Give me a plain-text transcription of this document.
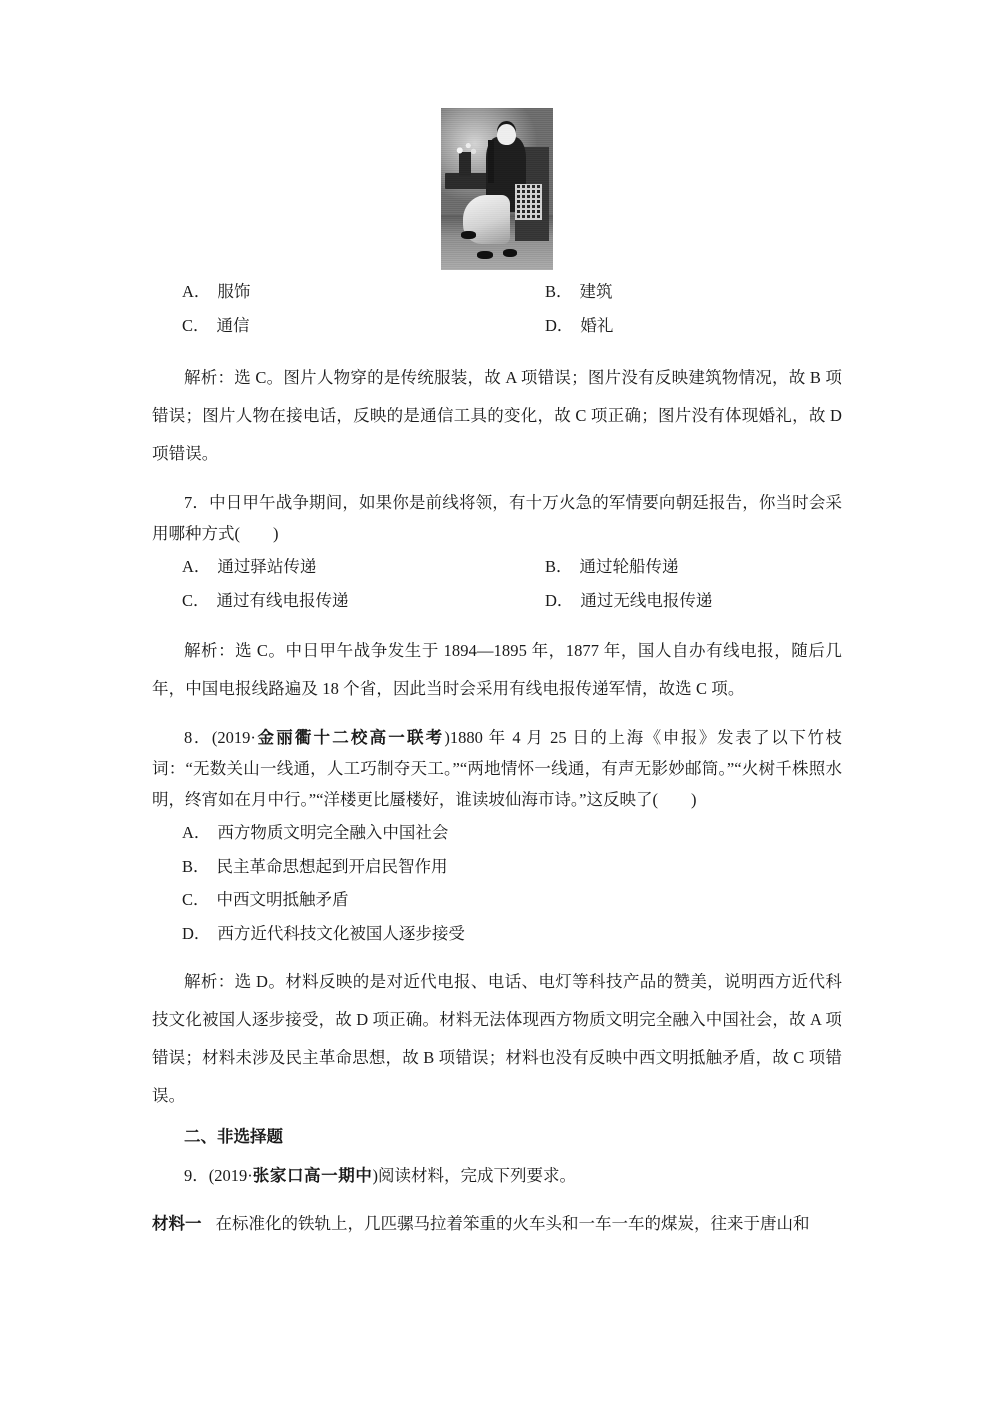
A． 服饰	B． 建筑
C． 通信	D． 婚礼

解析：选 C。图片人物穿的是传统服装，故 A 项错误；图片没有反映建筑物情况，故 B 项错误；图片人物在接电话，反映的是通信工具的变化，故 C 项正确；图片没有体现婚礼，故 D 项错误。

7．中日甲午战争期间，如果你是前线将领，有十万火急的军情要向朝廷报告，你当时会采用哪种方式(　　)

A． 通过驿站传递	B． 通过轮船传递
C． 通过有线电报传递	D． 通过无线电报传递

解析：选 C。中日甲午战争发生于 1894—1895 年，1877 年，国人自办有线电报，随后几年，中国电报线路遍及 18 个省，因此当时会采用有线电报传递军情，故选 C 项。

8．(2019·金丽衢十二校高一联考)1880 年 4 月 25 日的上海《申报》发表了以下竹枝词：“无数关山一线通，人工巧制夺天工。”“两地情怀一线通，有声无影妙邮筒。”“火树千株照水明，终宵如在月中行。”“洋楼更比蜃楼好，谁读坡仙海市诗。”这反映了(　　)

A． 西方物质文明完全融入中国社会
B． 民主革命思想起到开启民智作用
C． 中西文明抵触矛盾
D． 西方近代科技文化被国人逐步接受

解析：选 D。材料反映的是对近代电报、电话、电灯等科技产品的赞美，说明西方近代科技文化被国人逐步接受，故 D 项正确。材料无法体现西方物质文明完全融入中国社会，故 A 项错误；材料未涉及民主革命思想，故 B 项错误；材料也没有反映中西文明抵触矛盾，故 C 项错误。

二、非选择题

9．(2019·张家口高一期中)阅读材料，完成下列要求。

材料一 在标准化的铁轨上，几匹骡马拉着笨重的火车头和一车一车的煤炭，往来于唐山和
